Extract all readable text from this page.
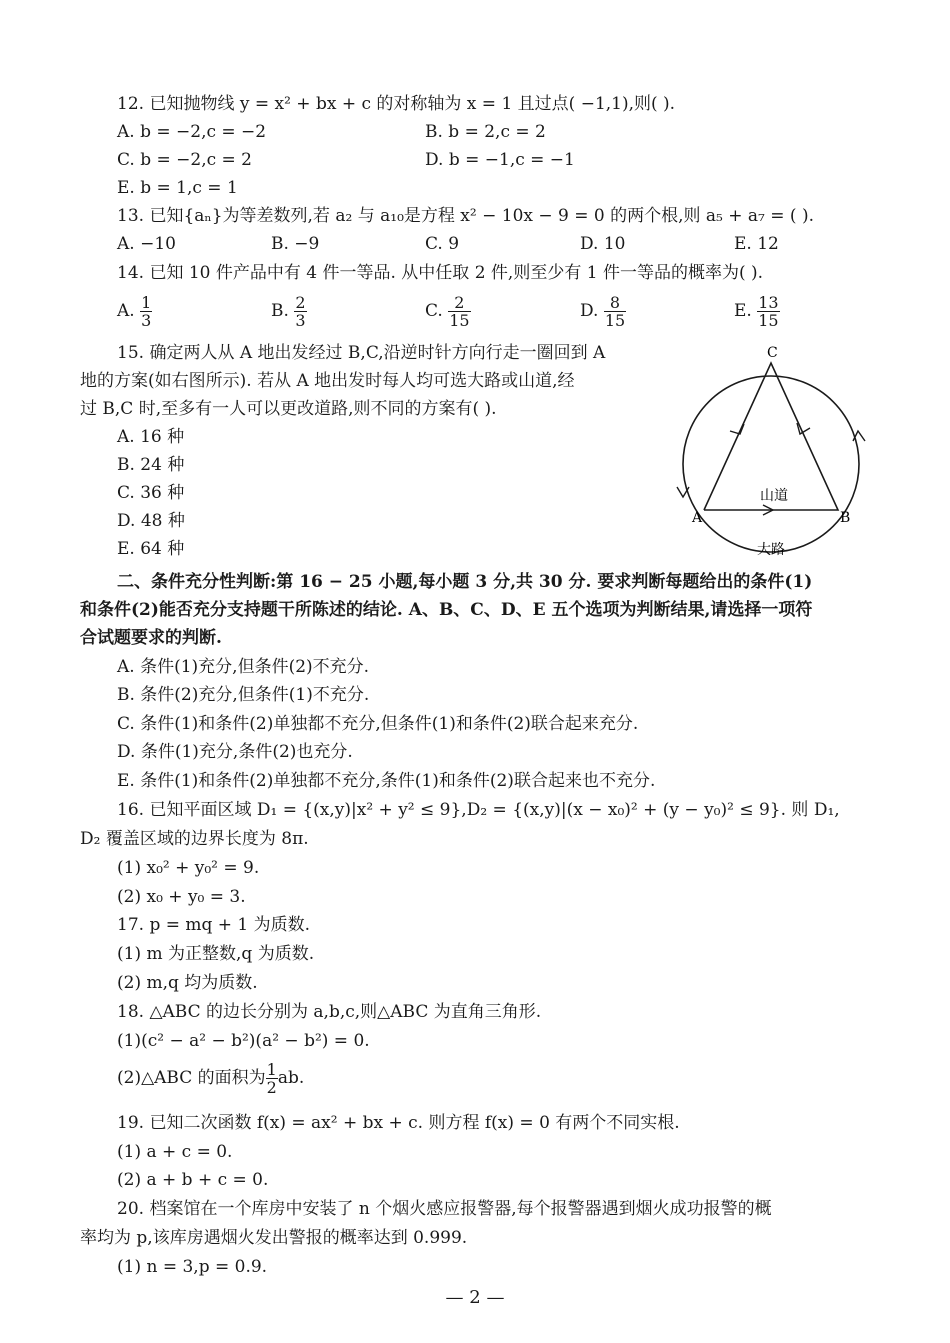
12. 已知抛物线 y = x² + bx + c 的对称轴为 x = 1 且过点( −1,1),则( ).
A. b = −2,c = −2	B. b = 2,c = 2
C. b = −2,c = 2	D. b = −1,c = −1
E. b = 1,c = 1
13. 已知{aₙ}为等差数列,若 a₂ 与 a₁₀是方程 x² − 10x − 9 = 0 的两个根,则 a₅ + a₇ = ( ).
A. −10	B. −9	C. 9	D. 10	E. 12
14. 已知 10 件产品中有 4 件一等品. 从中任取 2 件,则至少有 1 件一等品的概率为( ).
A. $\frac{1}{3}$	B. $\frac{2}{3}$	C. $\frac{2}{15}$	D. $\frac{8}{15}$	E. $\frac{13}{15}$
15. 确定两人从 A 地出发经过 B,C,沿逆时针方向行走一圈回到 A
地的方案(如右图所示). 若从 A 地出发时每人均可选大路或山道,经
过 B,C 时,至多有一人可以更改道路,则不同的方案有( ).
A. 16 种
B. 24 种
C. 36 种
D. 48 种
E. 64 种
C
A	B
山道
大路
二、条件充分性判断:第 16 − 25 小题,每小题 3 分,共 30 分. 要求判断每题给出的条件(1)
和条件(2)能否充分支持题干所陈述的结论. A、B、C、D、E 五个选项为判断结果,请选择一项符
合试题要求的判断.
A. 条件(1)充分,但条件(2)不充分.
B. 条件(2)充分,但条件(1)不充分.
C. 条件(1)和条件(2)单独都不充分,但条件(1)和条件(2)联合起来充分.
D. 条件(1)充分,条件(2)也充分.
E. 条件(1)和条件(2)单独都不充分,条件(1)和条件(2)联合起来也不充分.
16. 已知平面区域 D₁ = {(x,y)|x² + y² ≤ 9},D₂ = {(x,y)|(x − x₀)² + (y − y₀)² ≤ 9}. 则 D₁,
D₂ 覆盖区域的边界长度为 8π.
(1) x₀² + y₀² = 9.
(2) x₀ + y₀ = 3.
17. p = mq + 1 为质数.
(1) m 为正整数,q 为质数.
(2) m,q 均为质数.
18. △ABC 的边长分别为 a,b,c,则△ABC 为直角三角形.
(1)(c² − a² − b²)(a² − b²) = 0.
(2)△ABC 的面积为 $\frac{1}{2}$ ab.
19. 已知二次函数 f(x) = ax² + bx + c. 则方程 f(x) = 0 有两个不同实根.
(1) a + c = 0.
(2) a + b + c = 0.
20. 档案馆在一个库房中安装了 n 个烟火感应报警器,每个报警器遇到烟火成功报警的概
率均为 p,该库房遇烟火发出警报的概率达到 0.999.
(1) n = 3,p = 0.9.
— 2 —
